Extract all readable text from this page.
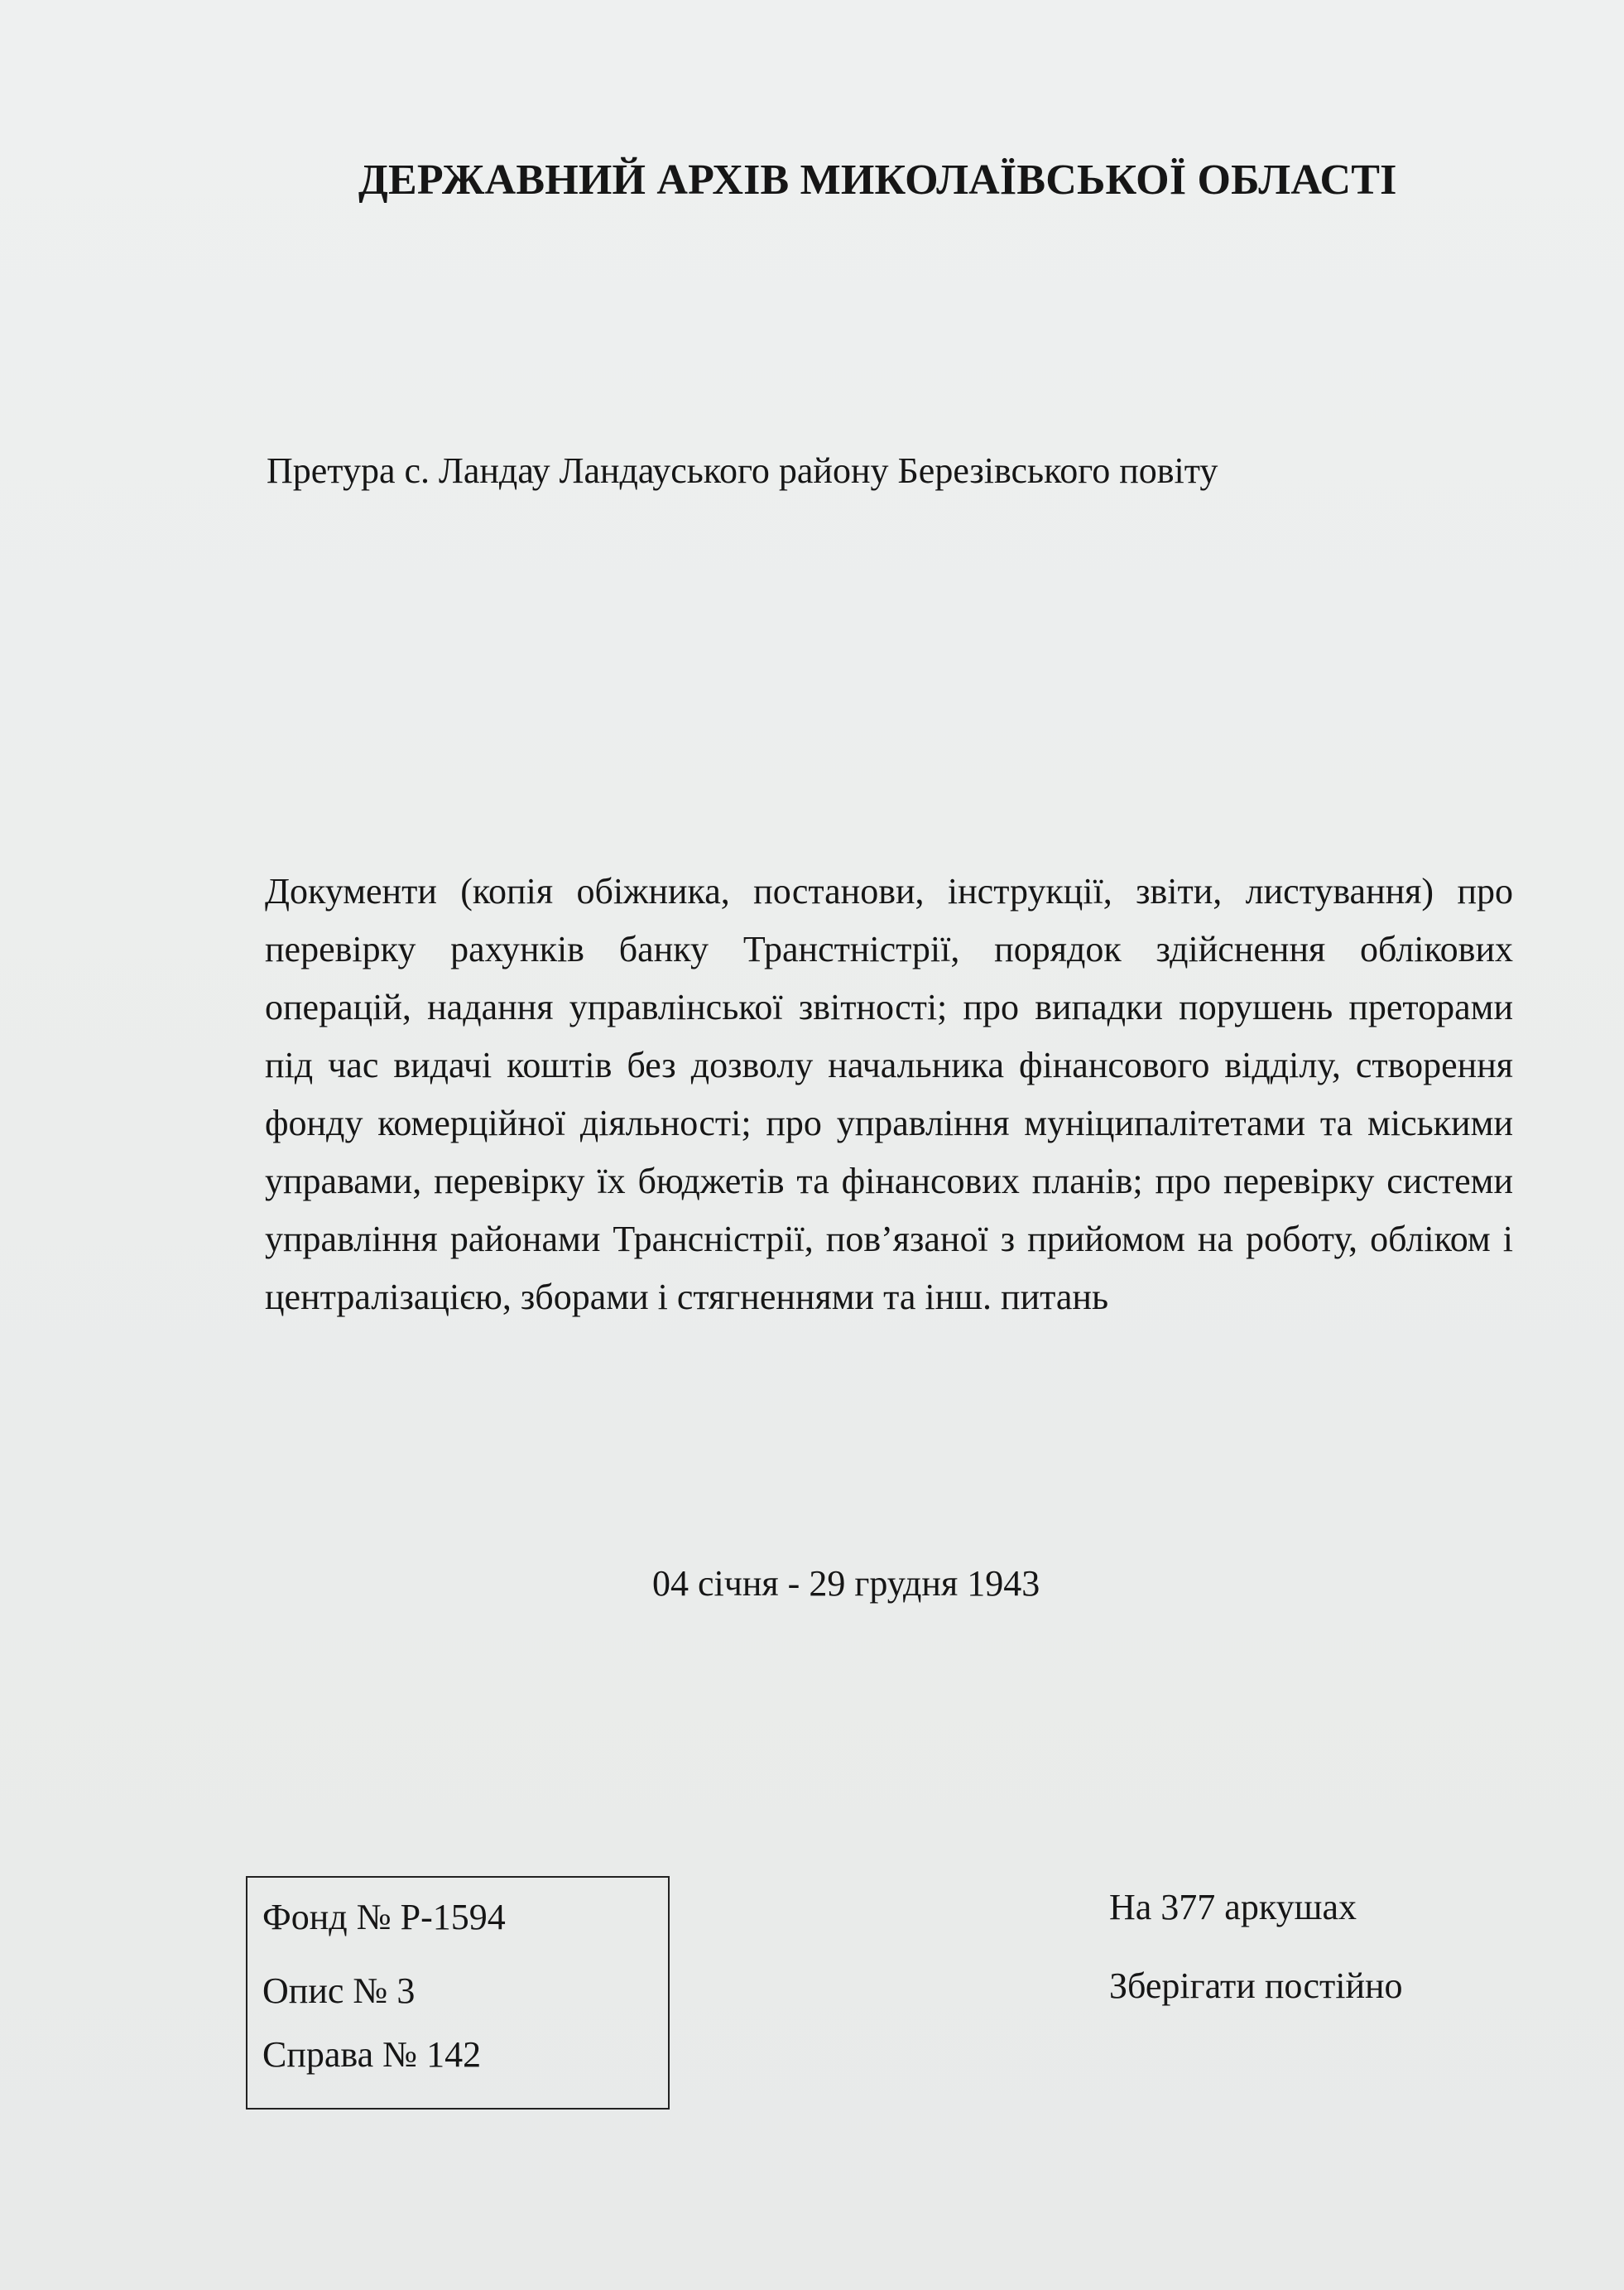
ДЕРЖАВНИЙ АРХІВ МИКОЛАЇВСЬКОЇ ОБЛАСТІ
Претура с. Ландау Ландауського району Березівського повіту
Документи (копія обіжника, постанови, інструкції, звіти, листування) про перевірку рахунків банку Транстністрії, порядок здійснення облікових операцій, надання управлінської звітності; про випадки порушень преторами під час видачі коштів без дозволу начальника фінансового відділу, створення фонду комерційної діяльності; про управління муніципалітетами та міськими управами, перевірку їх бюджетів та фінансових планів; про перевірку системи управління районами Трансністрії, пов’язаної з прийомом на роботу, обліком і централізацією, зборами і стягненнями та інш. питань
04 січня - 29 грудня 1943
Фонд № Р-1594
Опис № 3
Справа № 142
На 377 аркушах
Зберігати постійно
